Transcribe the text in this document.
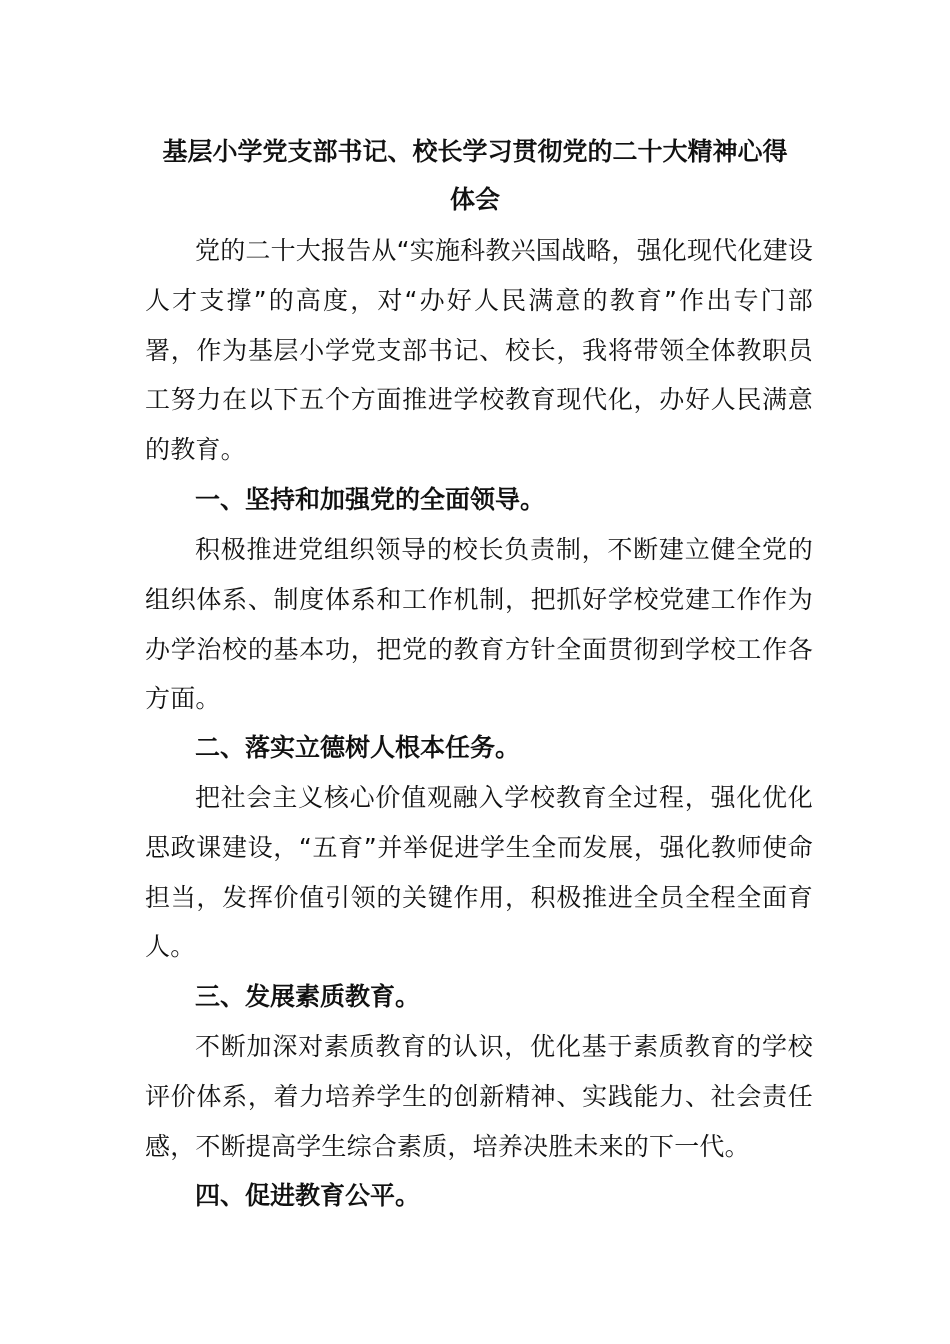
基层小学党支部书记、校长学习贯彻党的二十大精神心得
体会

党的二十大报告从“实施科教兴国战略，强化现代化建设人才支撑”的高度，对“办好人民满意的教育”作出专门部署，作为基层小学党支部书记、校长，我将带领全体教职员工努力在以下五个方面推进学校教育现代化，办好人民满意的教育。

一、坚持和加强党的全面领导。

积极推进党组织领导的校长负责制，不断建立健全党的组织体系、制度体系和工作机制，把抓好学校党建工作作为办学治校的基本功，把党的教育方针全面贯彻到学校工作各方面。

二、落实立德树人根本任务。

把社会主义核心价值观融入学校教育全过程，强化优化思政课建设，“五育”并举促进学生全而发展，强化教师使命担当，发挥价值引领的关键作用，积极推进全员全程全面育人。

三、发展素质教育。

不断加深对素质教育的认识，优化基于素质教育的学校评价体系，着力培养学生的创新精神、实践能力、社会责任感，不断提高学生综合素质，培养决胜未来的下一代。

四、促进教育公平。
